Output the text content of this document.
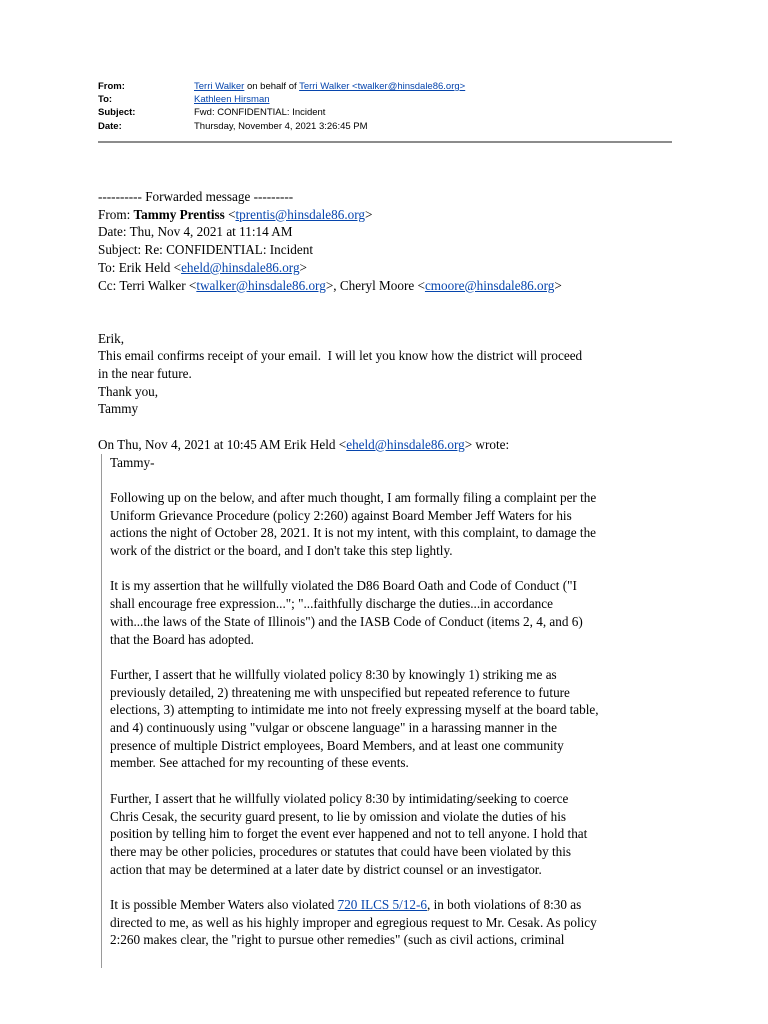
From:	Terri Walker on behalf of Terri Walker <twalker@hinsdale86.org>
To:	Kathleen Hirsman
Subject:	Fwd: CONFIDENTIAL: Incident
Date:	Thursday, November 4, 2021 3:26:45 PM
---------- Forwarded message ---------
From: Tammy Prentiss <tprentis@hinsdale86.org>
Date: Thu, Nov 4, 2021 at 11:14 AM
Subject: Re: CONFIDENTIAL: Incident
To: Erik Held <eheld@hinsdale86.org>
Cc: Terri Walker <twalker@hinsdale86.org>, Cheryl Moore <cmoore@hinsdale86.org>
Erik,
This email confirms receipt of your email.  I will let you know how the district will proceed
in the near future.
Thank you,
Tammy
On Thu, Nov 4, 2021 at 10:45 AM Erik Held <eheld@hinsdale86.org> wrote:
Tammy-
Following up on the below, and after much thought, I am formally filing a complaint per the
Uniform Grievance Procedure (policy 2:260) against Board Member Jeff Waters for his
actions the night of October 28, 2021. It is not my intent, with this complaint, to damage the
work of the district or the board, and I don't take this step lightly.
It is my assertion that he willfully violated the D86 Board Oath and Code of Conduct ("I
shall encourage free expression..."; "...faithfully discharge the duties...in accordance
with...the laws of the State of Illinois") and the IASB Code of Conduct (items 2, 4, and 6)
that the Board has adopted.
Further, I assert that he willfully violated policy 8:30 by knowingly 1) striking me as
previously detailed, 2) threatening me with unspecified but repeated reference to future
elections, 3) attempting to intimidate me into not freely expressing myself at the board table,
and 4) continuously using "vulgar or obscene language" in a harassing manner in the
presence of multiple District employees, Board Members, and at least one community
member. See attached for my recounting of these events.
Further, I assert that he willfully violated policy 8:30 by intimidating/seeking to coerce
Chris Cesak, the security guard present, to lie by omission and violate the duties of his
position by telling him to forget the event ever happened and not to tell anyone. I hold that
there may be other policies, procedures or statutes that could have been violated by this
action that may be determined at a later date by district counsel or an investigator.
It is possible Member Waters also violated 720 ILCS 5/12-6, in both violations of 8:30 as
directed to me, as well as his highly improper and egregious request to Mr. Cesak. As policy
2:260 makes clear, the "right to pursue other remedies" (such as civil actions, criminal
